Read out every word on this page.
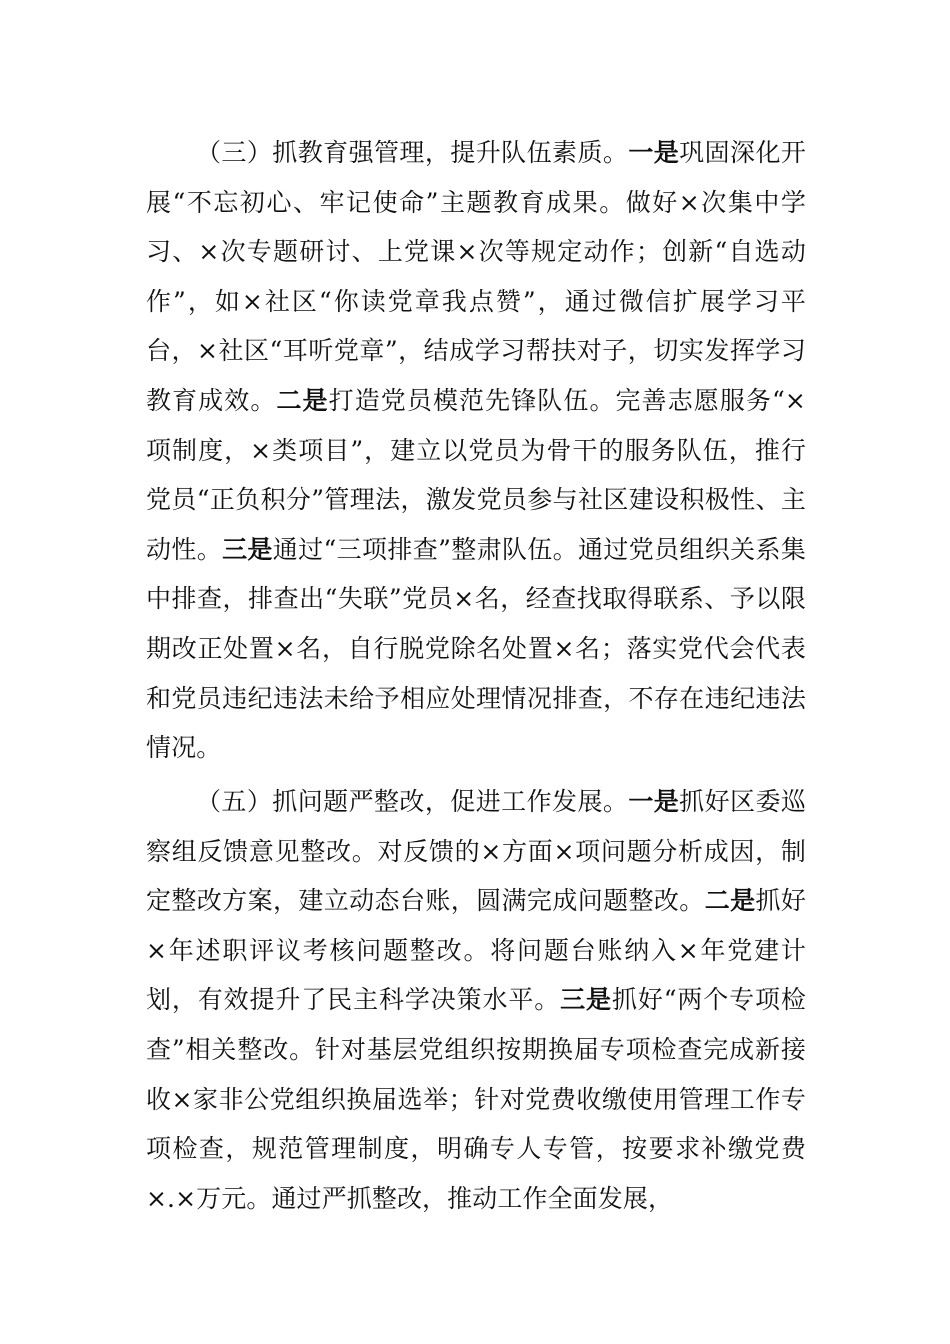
（三）抓教育强管理，提升队伍素质。一是巩固深化开展“不忘初心、牢记使命”主题教育成果。做好×次集中学习、×次专题研讨、上党课×次等规定动作；创新“自选动作”，如×社区“你读党章我点赞”，通过微信扩展学习平台，×社区“耳听党章”，结成学习帮扶对子，切实发挥学习教育成效。二是打造党员模范先锋队伍。完善志愿服务“×项制度，×类项目”，建立以党员为骨干的服务队伍，推行党员“正负积分”管理法，激发党员参与社区建设积极性、主动性。三是通过“三项排查”整肃队伍。通过党员组织关系集中排查，排查出“失联”党员×名，经查找取得联系、予以限期改正处置×名，自行脱党除名处置×名；落实党代会代表和党员违纪违法未给予相应处理情况排查，不存在违纪违法情况。

（五）抓问题严整改，促进工作发展。一是抓好区委巡察组反馈意见整改。对反馈的×方面×项问题分析成因，制定整改方案，建立动态台账，圆满完成问题整改。二是抓好×年述职评议考核问题整改。将问题台账纳入×年党建计划，有效提升了民主科学决策水平。三是抓好“两个专项检查”相关整改。针对基层党组织按期换届专项检查完成新接收×家非公党组织换届选举；针对党费收缴使用管理工作专项检查，规范管理制度，明确专人专管，按要求补缴党费×.×万元。通过严抓整改，推动工作全面发展，
